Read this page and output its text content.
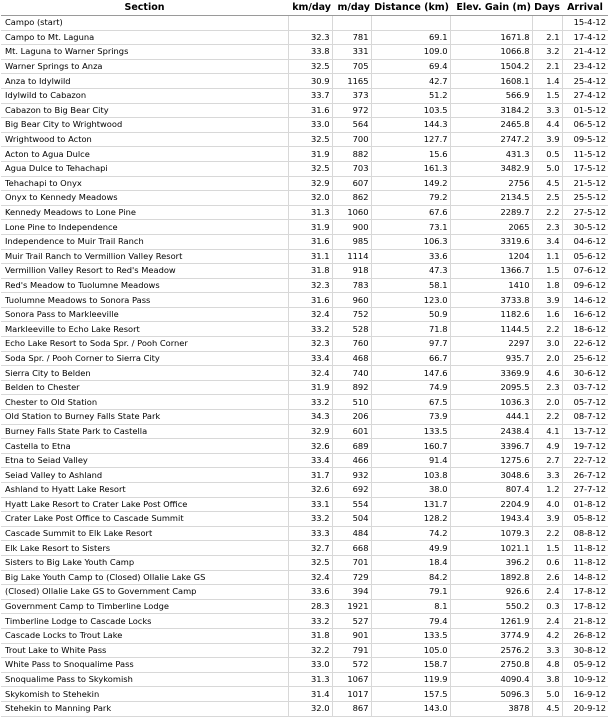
Section	km/day	m/day	Distance (km)	Elev. Gain (m)	Days	Arrival
Campo (start)						15-4-12
Campo to Mt. Laguna	32.3	781	69.1	1671.8	2.1	17-4-12
Mt. Laguna to Warner Springs	33.8	331	109.0	1066.8	3.2	21-4-12
Warner Springs to Anza	32.5	705	69.4	1504.2	2.1	23-4-12
Anza to Idylwild	30.9	1165	42.7	1608.1	1.4	25-4-12
Idylwild to Cabazon	33.7	373	51.2	566.9	1.5	27-4-12
Cabazon to Big Bear City	31.6	972	103.5	3184.2	3.3	01-5-12
Big Bear City to Wrightwood	33.0	564	144.3	2465.8	4.4	06-5-12
Wrightwood to Acton	32.5	700	127.7	2747.2	3.9	09-5-12
Acton to Agua Dulce	31.9	882	15.6	431.3	0.5	11-5-12
Agua Dulce to Tehachapi	32.5	703	161.3	3482.9	5.0	17-5-12
Tehachapi to Onyx	32.9	607	149.2	2756	4.5	21-5-12
Onyx to Kennedy Meadows	32.0	862	79.2	2134.5	2.5	25-5-12
Kennedy Meadows to Lone Pine	31.3	1060	67.6	2289.7	2.2	27-5-12
Lone Pine to Independence	31.9	900	73.1	2065	2.3	30-5-12
Independence to Muir Trail Ranch	31.6	985	106.3	3319.6	3.4	04-6-12
Muir Trail Ranch to Vermillion Valley Resort	31.1	1114	33.6	1204	1.1	05-6-12
Vermillion Valley Resort to Red's Meadow	31.8	918	47.3	1366.7	1.5	07-6-12
Red's Meadow to Tuolumne Meadows	32.3	783	58.1	1410	1.8	09-6-12
Tuolumne Meadows to Sonora Pass	31.6	960	123.0	3733.8	3.9	14-6-12
Sonora Pass to Markleeville	32.4	752	50.9	1182.6	1.6	16-6-12
Markleeville to Echo Lake Resort	33.2	528	71.8	1144.5	2.2	18-6-12
Echo Lake Resort to Soda Spr. / Pooh Corner	32.3	760	97.7	2297	3.0	22-6-12
Soda Spr. / Pooh Corner to Sierra City	33.4	468	66.7	935.7	2.0	25-6-12
Sierra City to Belden	32.4	740	147.6	3369.9	4.6	30-6-12
Belden to Chester	31.9	892	74.9	2095.5	2.3	03-7-12
Chester to Old Station	33.2	510	67.5	1036.3	2.0	05-7-12
Old Station to Burney Falls State Park	34.3	206	73.9	444.1	2.2	08-7-12
Burney Falls State Park to Castella	32.9	601	133.5	2438.4	4.1	13-7-12
Castella to Etna	32.6	689	160.7	3396.7	4.9	19-7-12
Etna to Seiad Valley	33.4	466	91.4	1275.6	2.7	22-7-12
Seiad Valley to Ashland	31.7	932	103.8	3048.6	3.3	26-7-12
Ashland to Hyatt Lake Resort	32.6	692	38.0	807.4	1.2	27-7-12
Hyatt Lake Resort to Crater Lake Post Office	33.1	554	131.7	2204.9	4.0	01-8-12
Crater Lake Post Office to Cascade Summit	33.2	504	128.2	1943.4	3.9	05-8-12
Cascade Summit to Elk Lake Resort	33.3	484	74.2	1079.3	2.2	08-8-12
Elk Lake Resort to Sisters	32.7	668	49.9	1021.1	1.5	11-8-12
Sisters to Big Lake Youth Camp	32.5	701	18.4	396.2	0.6	11-8-12
Big Lake Youth Camp to (Closed) Ollalie Lake GS	32.4	729	84.2	1892.8	2.6	14-8-12
(Closed) Ollalie Lake GS to Government Camp	33.6	394	79.1	926.6	2.4	17-8-12
Government Camp to Timberline Lodge	28.3	1921	8.1	550.2	0.3	17-8-12
Timberline Lodge to Cascade Locks	33.2	527	79.4	1261.9	2.4	21-8-12
Cascade Locks to Trout Lake	31.8	901	133.5	3774.9	4.2	26-8-12
Trout Lake to White Pass	32.2	791	105.0	2576.2	3.3	30-8-12
White Pass to Snoqualime Pass	33.0	572	158.7	2750.8	4.8	05-9-12
Snoqualime Pass to Skykomish	31.3	1067	119.9	4090.4	3.8	10-9-12
Skykomish to Stehekin	31.4	1017	157.5	5096.3	5.0	16-9-12
Stehekin to Manning Park	32.0	867	143.0	3878	4.5	20-9-12
